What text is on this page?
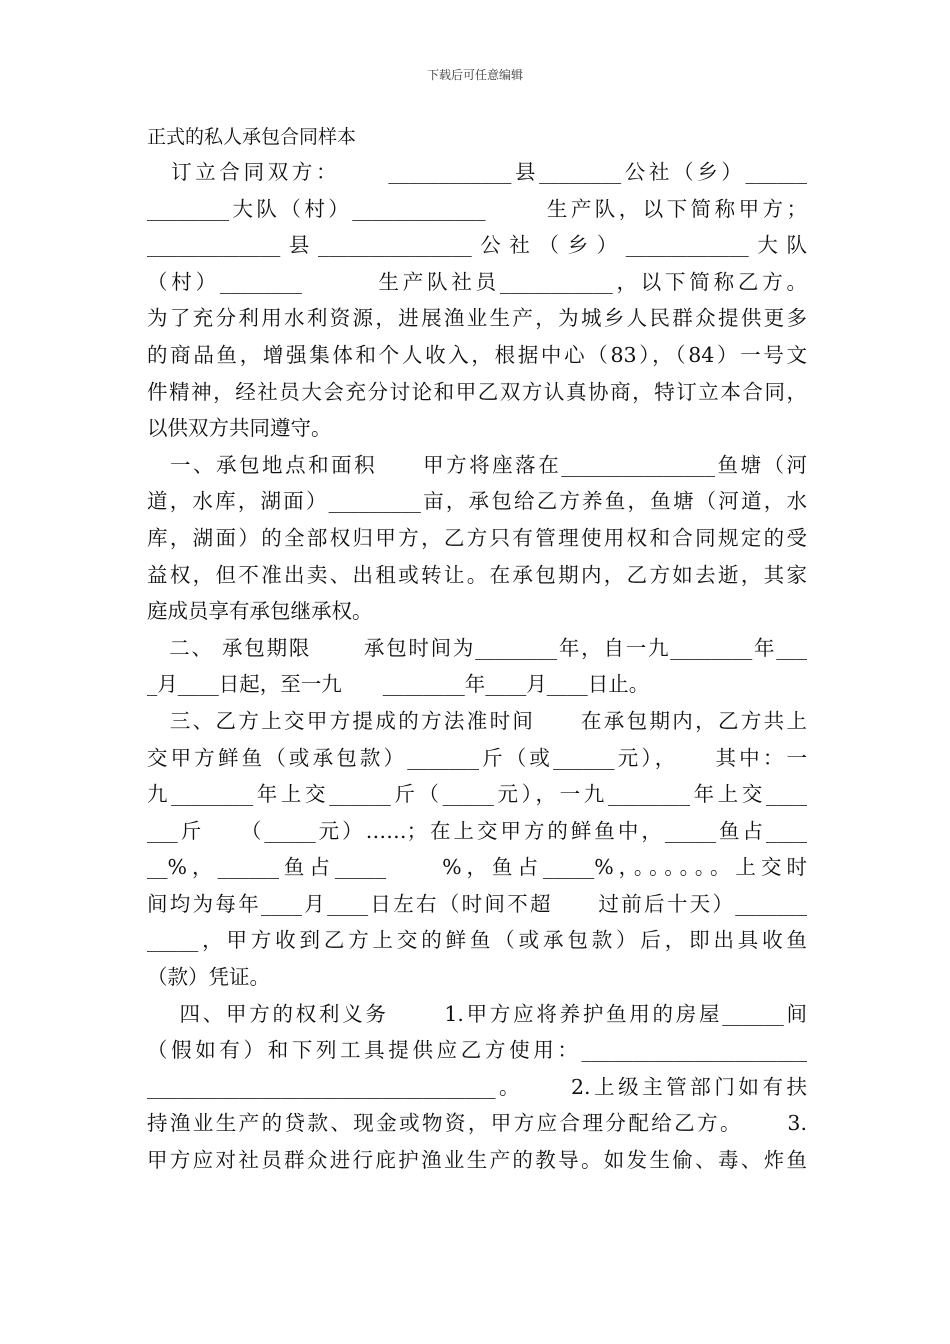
下载后可任意编辑
正式的私人承包合同样本
　订立合同双方：　　 ____________县________公社（乡）______
________大队（村）_____________　 　生产队，以下简称甲方；
_____________县_______________公社（乡）____________大队
（村）________　　　生产队社员___________，以下简称乙方。
为了充分利用水利资源，进展渔业生产，为城乡人民群众提供更多
的商品鱼，增强集体和个人收入，根据中心（83），（84）一号文
件精神，经社员大会充分讨论和甲乙双方认真协商，特订立本合同，
以供双方共同遵守。
　一、承包地点和面积　　甲方将座落在_______________鱼塘（河
道，水库，湖面）_________亩，承包给乙方养鱼，鱼塘（河道，水
库，湖面）的全部权归甲方，乙方只有管理使用权和合同规定的受
益权，但不准出卖、出租或转让。在承包期内，乙方如去逝，其家
庭成员享有承包继承权。
　二、 承包期限　　 承包时间为________年，自一九________年___
_月____日起，至一九　　________年____月____日止。
　三、乙方上交甲方提成的方法准时间　　在承包期内，乙方共上
交甲方鲜鱼（或承包款）_______斤（或______元），　　其中：一
九________年上交______斤（_____元），一九________年上交____
___斤　　（_____元）……；在上交甲方的鲜鱼中，_____鱼占____
__%，______鱼占_____　　%，鱼占_____%，。。。。。。上交时
间均为每年____月____日左右（时间不超　　过前后十天）_______
_____，甲方收到乙方上交的鲜鱼（或承包款）后，即出具收鱼
（款）凭证。
　 四、甲方的权利义务　　 1.甲方应将养护鱼用的房屋______间
（假如有）和下列工具提供应乙方使用：______________________
__________________________________。　　 2.上级主管部门如有扶
持渔业生产的贷款、现金或物资，甲方应合理分配给乙方。　　 3.
甲方应对社员群众进行庇护渔业生产的教导。如发生偷、毒、炸鱼
